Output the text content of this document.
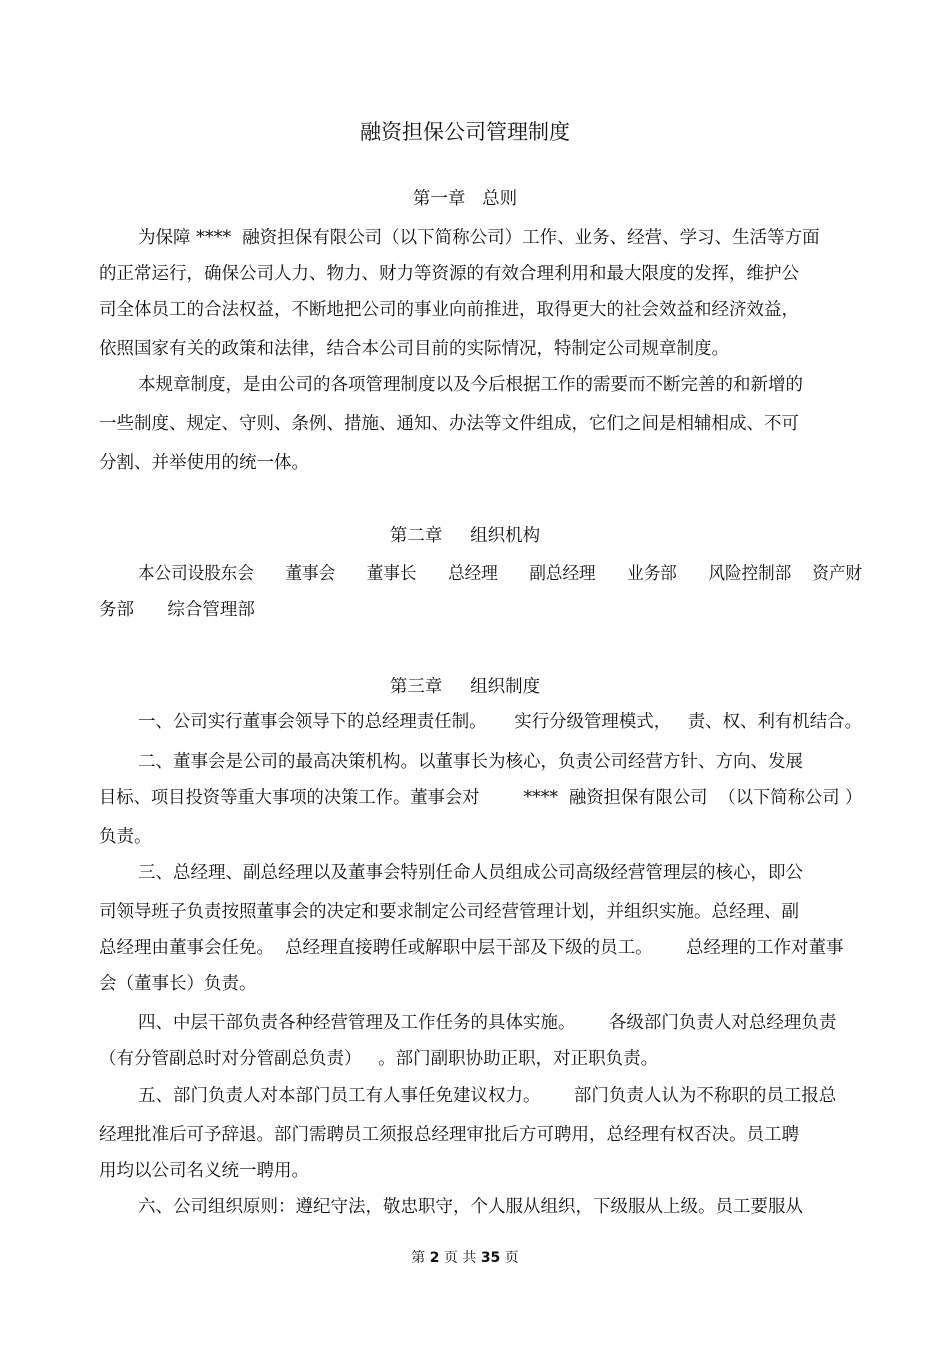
融资担保公司管理制度
第一章   总则
为保障 ****  融资担保有限公司（以下简称公司）工作、业务、经营、学习、生活等方面
的正常运行，确保公司人力、物力、财力等资源的有效合理利用和最大限度的发挥，维护公
司全体员工的合法权益，不断地把公司的事业向前推进，取得更大的社会效益和经济效益，
依照国家有关的政策和法律，结合本公司目前的实际情况，特制定公司规章制度。
本规章制度，是由公司的各项管理制度以及今后根据工作的需要而不断完善的和新增的
一些制度、规定、守则、条例、措施、通知、办法等文件组成，它们之间是相辅相成、不可
分割、并举使用的统一体。
第二章     组织机构
本公司设股东会      董事会      董事长      总经理      副总经理      业务部      风险控制部    资产财
务部      综合管理部
第三章     组织制度
一、公司实行董事会领导下的总经理责任制。     实行分级管理模式，   责、权、利有机结合。
二、董事会是公司的最高决策机构。以董事长为核心，负责公司经营方针、方向、发展
目标、项目投资等重大事项的决策工作。董事会对        ****  融资担保有限公司  （以下简称公司 ）
负责。
三、总经理、副总经理以及董事会特别任命人员组成公司高级经营管理层的核心，即公
司领导班子负责按照董事会的决定和要求制定公司经营管理计划，并组织实施。总经理、副
总经理由董事会任免。  总经理直接聘任或解职中层干部及下级的员工。      总经理的工作对董事
会（董事长）负责。
四、中层干部负责各种经营管理及工作任务的具体实施。      各级部门负责人对总经理负责
（有分管副总时对分管副总负责）   。部门副职协助正职，对正职负责。
五、部门负责人对本部门员工有人事任免建议权力。      部门负责人认为不称职的员工报总
经理批准后可予辞退。部门需聘员工须报总经理审批后方可聘用，总经理有权否决。员工聘
用均以公司名义统一聘用。
六、公司组织原则：遵纪守法，敬忠职守，个人服从组织，下级服从上级。员工要服从
第 2 页 共 35 页
